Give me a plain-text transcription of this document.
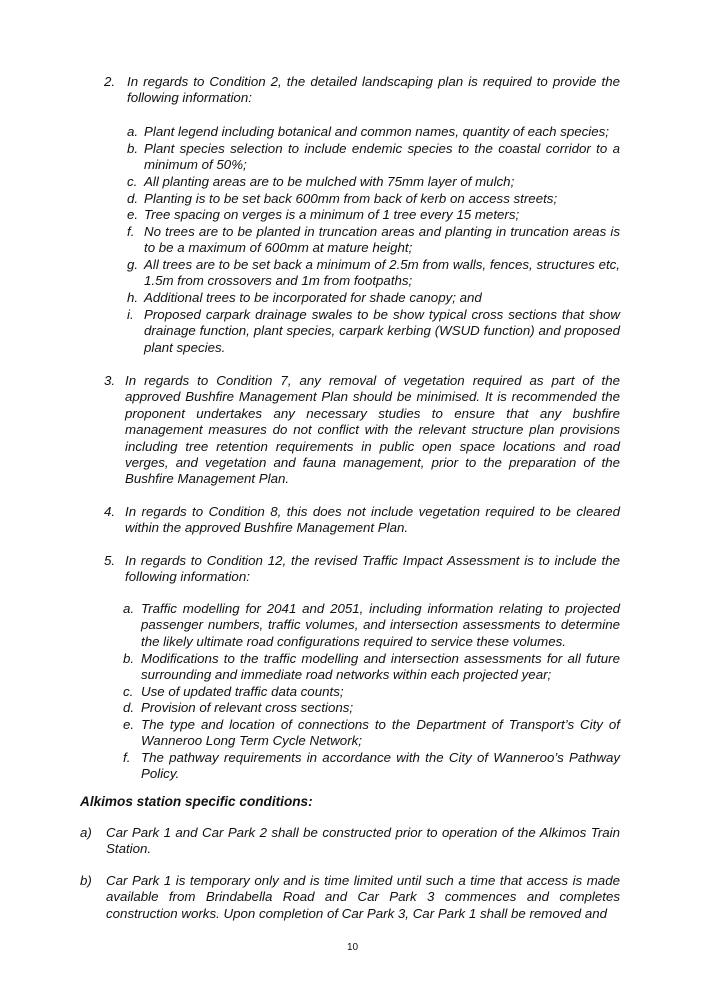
2. In regards to Condition 2, the detailed landscaping plan is required to provide the following information:
a. Plant legend including botanical and common names, quantity of each species;
b. Plant species selection to include endemic species to the coastal corridor to a minimum of 50%;
c. All planting areas are to be mulched with 75mm layer of mulch;
d. Planting is to be set back 600mm from back of kerb on access streets;
e. Tree spacing on verges is a minimum of 1 tree every 15 meters;
f. No trees are to be planted in truncation areas and planting in truncation areas is to be a maximum of 600mm at mature height;
g. All trees are to be set back a minimum of 2.5m from walls, fences, structures etc, 1.5m from crossovers and 1m from footpaths;
h. Additional trees to be incorporated for shade canopy; and
i. Proposed carpark drainage swales to be show typical cross sections that show drainage function, plant species, carpark kerbing (WSUD function) and proposed plant species.
3. In regards to Condition 7, any removal of vegetation required as part of the approved Bushfire Management Plan should be minimised. It is recommended the proponent undertakes any necessary studies to ensure that any bushfire management measures do not conflict with the relevant structure plan provisions including tree retention requirements in public open space locations and road verges, and vegetation and fauna management, prior to the preparation of the Bushfire Management Plan.
4. In regards to Condition 8, this does not include vegetation required to be cleared within the approved Bushfire Management Plan.
5. In regards to Condition 12, the revised Traffic Impact Assessment is to include the following information:
a. Traffic modelling for 2041 and 2051, including information relating to projected passenger numbers, traffic volumes, and intersection assessments to determine the likely ultimate road configurations required to service these volumes.
b. Modifications to the traffic modelling and intersection assessments for all future surrounding and immediate road networks within each projected year;
c. Use of updated traffic data counts;
d. Provision of relevant cross sections;
e. The type and location of connections to the Department of Transport’s City of Wanneroo Long Term Cycle Network;
f. The pathway requirements in accordance with the City of Wanneroo’s Pathway Policy.
Alkimos station specific conditions:
a) Car Park 1 and Car Park 2 shall be constructed prior to operation of the Alkimos Train Station.
b) Car Park 1 is temporary only and is time limited until such a time that access is made available from Brindabella Road and Car Park 3 commences and completes construction works. Upon completion of Car Park 3, Car Park 1 shall be removed and
10
